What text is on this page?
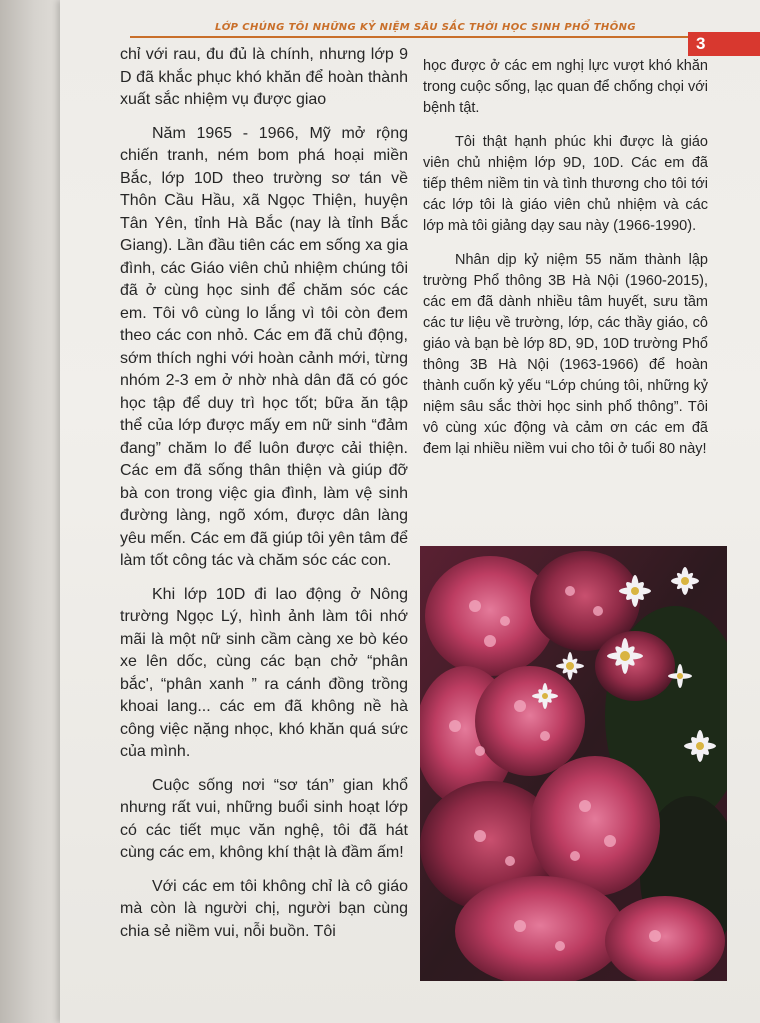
LỚP CHÚNG TÔI NHỮNG KỶ NIỆM SÂU SẮC THỜI HỌC SINH PHỔ THÔNG
3

chỉ với rau, đu đủ là chính, nhưng lớp 9 D đã khắc phục khó khăn để hoàn thành xuất sắc nhiệm vụ được giao

Năm 1965 - 1966, Mỹ mở rộng chiến tranh, ném bom phá hoại miền Bắc, lớp 10D theo trường sơ tán về Thôn Cầu Hầu, xã Ngọc Thiện, huyện Tân Yên, tỉnh Hà Bắc (nay là tỉnh Bắc Giang). Lần đầu tiên các em sống xa gia đình, các Giáo viên chủ nhiệm chúng tôi đã ở cùng học sinh để chăm sóc các em. Tôi vô cùng lo lắng vì tôi còn đem theo các con nhỏ. Các em đã chủ động, sớm thích nghi với hoàn cảnh mới, từng nhóm 2-3 em ở nhờ nhà dân đã có góc học tập để duy trì học tốt; bữa ăn tập thể của lớp được mấy em nữ sinh “đảm đang” chăm lo để luôn được cải thiện. Các em đã sống thân thiện và giúp đỡ bà con trong việc gia đình, làm vệ sinh đường làng, ngõ xóm, được dân làng yêu mến. Các em đã giúp tôi yên tâm để làm tốt công tác và chăm sóc các con.

Khi lớp 10D đi lao động ở Nông trường Ngọc Lý, hình ảnh làm tôi nhớ mãi là một nữ sinh cầm càng xe bò kéo xe lên dốc, cùng các bạn chở “phân bắc', “phân xanh ” ra cánh đồng trồng khoai lang... các em đã không nề hà công việc nặng nhọc, khó khăn quá sức của mình.

Cuộc sống nơi “sơ tán” gian khổ nhưng rất vui, những buổi sinh hoạt lớp có các tiết mục văn nghệ, tôi đã hát cùng các em, không khí thật là đầm ấm!

Với các em tôi không chỉ là cô giáo mà còn là người chị, người bạn cùng chia sẻ niềm vui, nỗi buồn. Tôi

học được ở các em nghị lực vượt khó khăn trong cuộc sống, lạc quan để chống chọi với bệnh tật.

Tôi thật hạnh phúc khi được là giáo viên chủ nhiệm lớp 9D, 10D. Các em đã tiếp thêm niềm tin và tình thương cho tôi tới các lớp tôi là giáo viên chủ nhiệm và các lớp mà tôi giảng dạy sau này (1966-1990).

Nhân dịp kỷ niệm 55 năm thành lập trường Phổ thông 3B Hà Nội (1960-2015), các em đã dành nhiều tâm huyết, sưu tầm các tư liệu về trường, lớp, các thầy giáo, cô giáo và bạn bè lớp 8D, 9D, 10D trường Phổ thông 3B Hà Nội (1963-1966) để hoàn thành cuốn kỷ yếu “Lớp chúng tôi, những kỷ niệm sâu sắc thời học sinh phổ thông”. Tôi vô cùng xúc động và cảm ơn các em đã đem lại nhiều niềm vui cho tôi ở tuổi 80 này!
